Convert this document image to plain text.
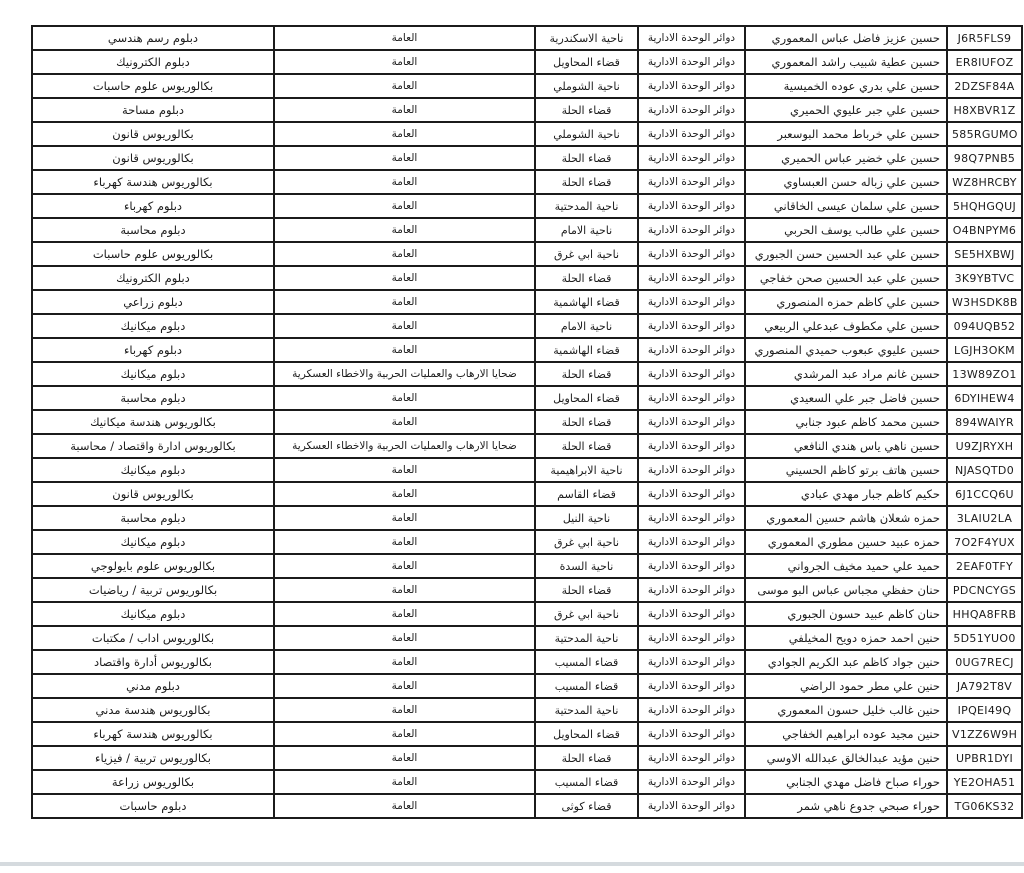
J6R5FLS9	حسين عزيز فاضل عباس المعموري	دوائر الوحدة الادارية	ناحية الاسكندرية	العامة	دبلوم رسم هندسي
ER8IUFOZ	حسين عطية شبيب راشد المعموري	دوائر الوحدة الادارية	قضاء المحاويل	العامة	دبلوم الكترونيك
2DZSF84A	حسين علي بدري عوده الخميسية	دوائر الوحدة الادارية	ناحية الشوملي	العامة	بكالوريوس علوم حاسبات
H8XBVR1Z	حسين علي جبر عليوي الحميري	دوائر الوحدة الادارية	قضاء الحلة	العامة	دبلوم مساحة
585RGUMO	حسين علي خرباط محمد البوسعبر	دوائر الوحدة الادارية	ناحية الشوملي	العامة	بكالوريوس قانون
98Q7PNB5	حسين علي خضير عباس الحميري	دوائر الوحدة الادارية	قضاء الحلة	العامة	بكالوريوس قانون
WZ8HRCBY	حسين علي زباله حسن العبساوي	دوائر الوحدة الادارية	قضاء الحلة	العامة	بكالوريوس هندسة كهرباء
5HQHGQUJ	حسين علي سلمان عيسى الخاقاني	دوائر الوحدة الادارية	ناحية المدحتية	العامة	دبلوم كهرباء
O4BNPYM6	حسين علي طالب يوسف الحربي	دوائر الوحدة الادارية	ناحية الامام	العامة	دبلوم محاسبة
SE5HXBWJ	حسين علي عبد الحسين حسن الجبوري	دوائر الوحدة الادارية	ناحية ابي غرق	العامة	بكالوريوس علوم حاسبات
3K9YBTVC	حسين علي عبد الحسين صحن خفاجي	دوائر الوحدة الادارية	قضاء الحلة	العامة	دبلوم الكترونيك
W3HSDK8B	حسين علي كاظم حمزه المنصوري	دوائر الوحدة الادارية	قضاء الهاشمية	العامة	دبلوم زراعي
094UQB52	حسين علي مكطوف عبدعلي الربيعي	دوائر الوحدة الادارية	ناحية الامام	العامة	دبلوم ميكانيك
LGJH3OKM	حسين عليوي عبعوب حميدي المنصوري	دوائر الوحدة الادارية	قضاء الهاشمية	العامة	دبلوم كهرباء
13W89ZO1	حسين غانم مراد عبد المرشدي	دوائر الوحدة الادارية	قضاء الحلة	ضحايا الارهاب والعمليات الحربية والاخطاء العسكرية	دبلوم ميكانيك
6DYIHEW4	حسين فاضل جبر علي السعيدي	دوائر الوحدة الادارية	قضاء المحاويل	العامة	دبلوم محاسبة
894WAIYR	حسين محمد كاظم عبود جنابي	دوائر الوحدة الادارية	قضاء الحلة	العامة	بكالوريوس هندسة ميكانيك
U9ZJRYXH	حسين ناهي ياس هندي النافعي	دوائر الوحدة الادارية	قضاء الحلة	ضحايا الارهاب والعمليات الحربية والاخطاء العسكرية	بكالوريوس ادارة واقتصاد / محاسبة
NJASQTD0	حسين هاتف برتو كاظم الحسيني	دوائر الوحدة الادارية	ناحية الابراهيمية	العامة	دبلوم ميكانيك
6J1CCQ6U	حكيم كاظم جبار مهدي عبادي	دوائر الوحدة الادارية	قضاء القاسم	العامة	بكالوريوس قانون
3LAIU2LA	حمزه شعلان هاشم حسين المعموري	دوائر الوحدة الادارية	ناحية النيل	العامة	دبلوم محاسبة
7O2F4YUX	حمزه عبيد حسين مطوري المعموري	دوائر الوحدة الادارية	ناحية ابي غرق	العامة	دبلوم ميكانيك
2EAF0TFY	حميد علي حميد مخيف الجرواني	دوائر الوحدة الادارية	ناحية السدة	العامة	بكالوريوس علوم بايولوجي
PDCNCYGS	حنان حفظي مجباس عباس البو موسى	دوائر الوحدة الادارية	قضاء الحلة	العامة	بكالوريوس تربية / رياضيات
HHQA8FRB	حنان كاظم عبيد حسون الجبوري	دوائر الوحدة الادارية	ناحية ابي غرق	العامة	دبلوم ميكانيك
5D51YUO0	حنين احمد حمزه دويح المخيلفي	دوائر الوحدة الادارية	ناحية المدحتية	العامة	بكالوريوس اداب / مكتبات
0UG7RECJ	حنين جواد كاظم عبد الكريم الجوادي	دوائر الوحدة الادارية	قضاء المسيب	العامة	بكالوريوس أدارة واقتصاد
JA792T8V	حنين علي مطر حمود الراضي	دوائر الوحدة الادارية	قضاء المسيب	العامة	دبلوم مدني
IPQEI49Q	حنين غالب خليل حسون المعموري	دوائر الوحدة الادارية	ناحية المدحتية	العامة	بكالوريوس هندسة مدني
V1ZZ6W9H	حنين مجيد عوده ابراهيم الخفاجي	دوائر الوحدة الادارية	قضاء المحاويل	العامة	بكالوريوس هندسة كهرباء
UPBR1DYI	حنين مؤيد عبدالخالق عبدالله الاوسي	دوائر الوحدة الادارية	قضاء الحلة	العامة	بكالوريوس تربية / فيزياء
YE2OHA51	حوراء صباح فاضل مهدي الجنابي	دوائر الوحدة الادارية	قضاء المسيب	العامة	بكالوريوس زراعة
TG06KS32	حوراء صبحي جدوع ناهي شمر	دوائر الوحدة الادارية	قضاء كوثى	العامة	دبلوم حاسبات
